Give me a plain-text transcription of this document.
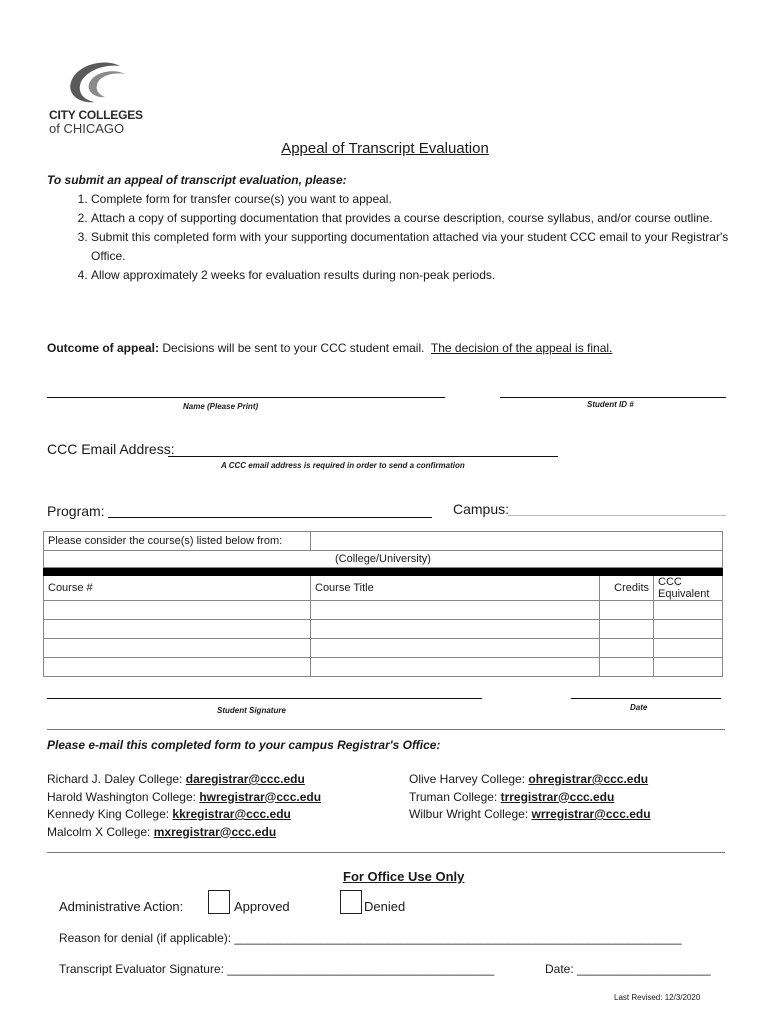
CITY COLLEGES
of CHICAGO
Appeal of Transcript Evaluation
To submit an appeal of transcript evaluation, please:
1. Complete form for transfer course(s) you want to appeal.
2. Attach a copy of supporting documentation that provides a course description, course syllabus, and/or course outline.
3. Submit this completed form with your supporting documentation attached via your student CCC email to your Registrar's Office.
4. Allow approximately 2 weeks for evaluation results during non-peak periods.
Outcome of appeal: Decisions will be sent to your CCC student email.  The decision of the appeal is final.
Name (Please Print)	Student ID #
CCC Email Address:
A CCC email address is required in order to send a confirmation
Program:	Campus:
Please consider the course(s) listed below from:			
(College/University)			

Course #	Course Title	Credits	CCC Equivalent

Student Signature	Date
Please e-mail this completed form to your campus Registrar's Office:
Richard J. Daley College: daregistrar@ccc.edu
Harold Washington College: hwregistrar@ccc.edu
Kennedy King College: kkregistrar@ccc.edu
Malcolm X College: mxregistrar@ccc.edu
Olive Harvey College: ohregistrar@ccc.edu
Truman College: trregistrar@ccc.edu
Wilbur Wright College: wrregistrar@ccc.edu
For Office Use Only
Administrative Action:	Approved	Denied
Reason for denial (if applicable): ___________________________________________________________________
Transcript Evaluator Signature: ________________________________________	Date: ____________________
Last Revised: 12/3/2020
